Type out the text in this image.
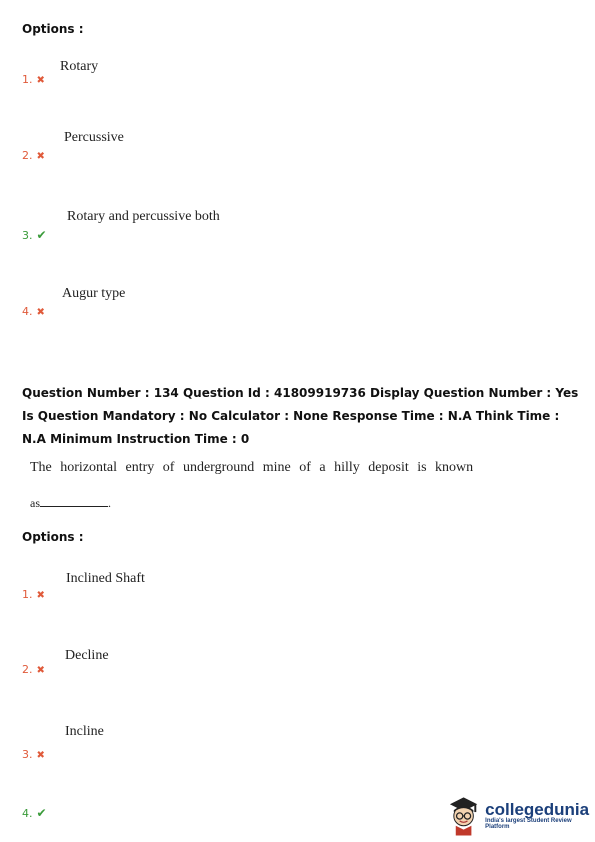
Options :
Rotary
1. ✖
Percussive
2. ✖
Rotary and percussive both
3. ✔
Augur type
4. ✖
Question Number : 134 Question Id : 41809919736 Display Question Number : Yes Is Question Mandatory : No Calculator : None Response Time : N.A Think Time : N.A Minimum Instruction Time : 0
The horizontal entry of underground mine of a hilly deposit is known
as	.
Options :
Inclined Shaft
1. ✖
Decline
2. ✖
Incline
3. ✖
4. ✔	collegedunia
India's largest Student Review Platform
